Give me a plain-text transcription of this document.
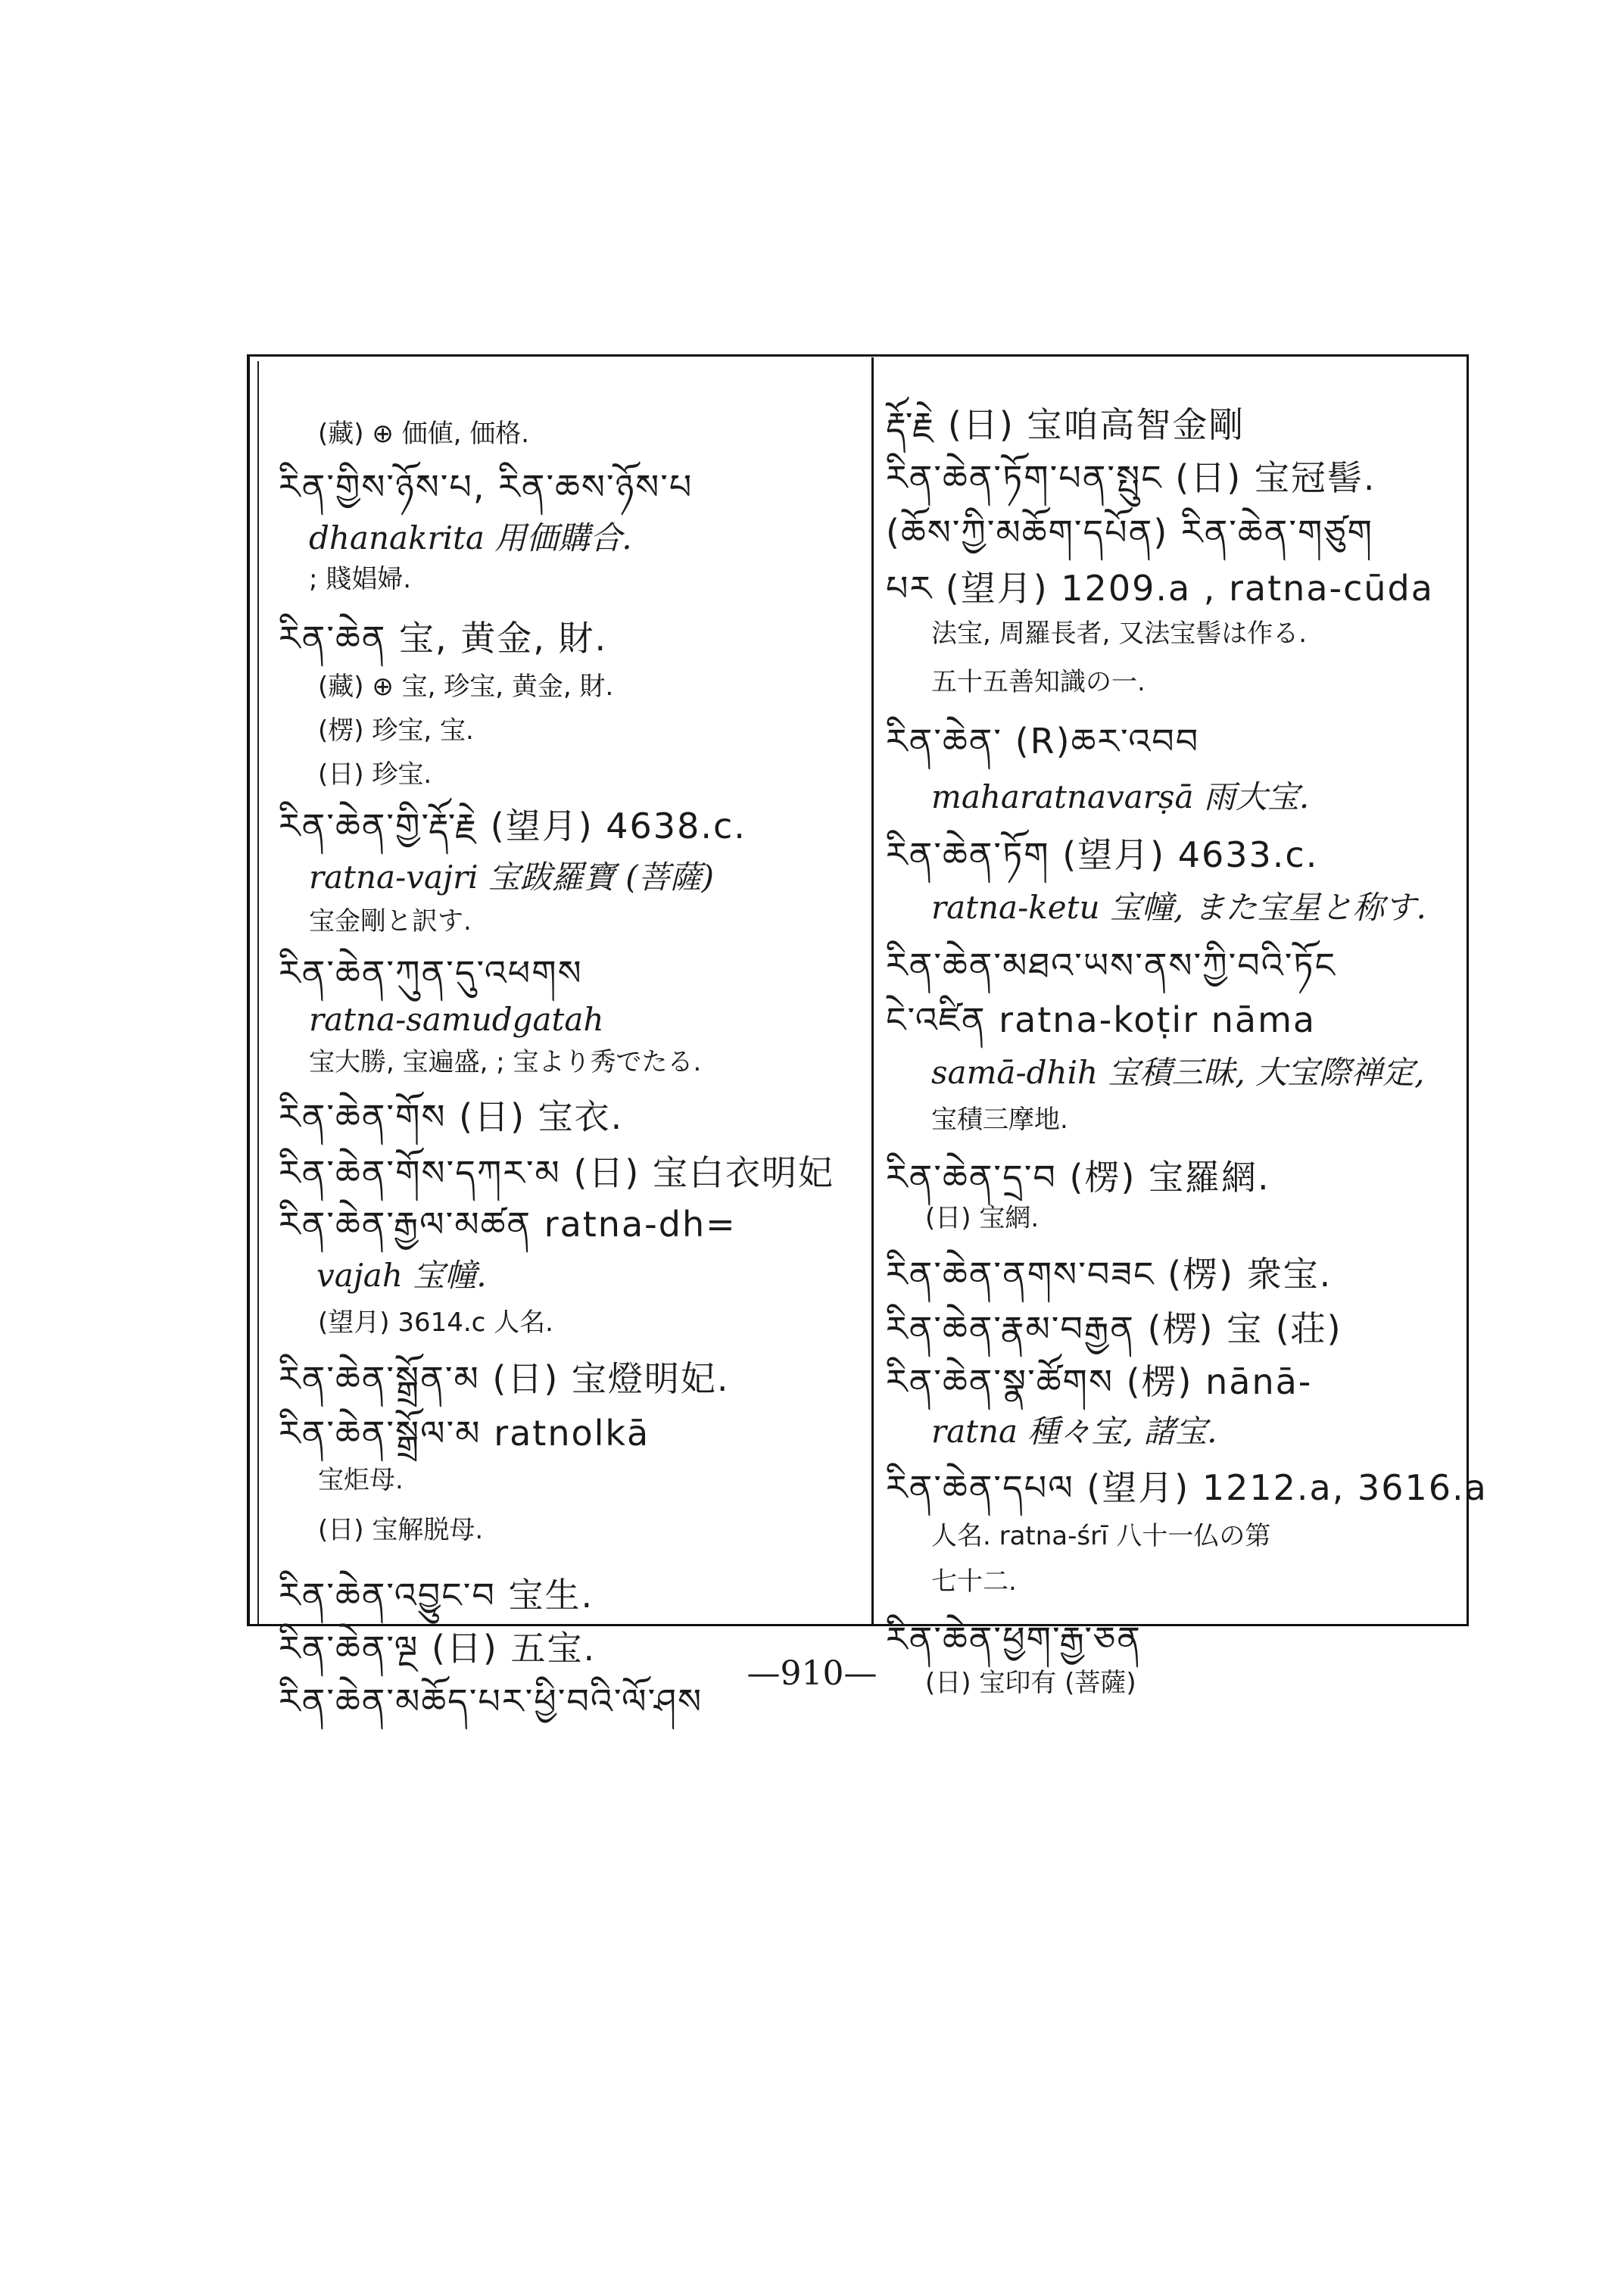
(藏) ⊕ 価値, 価格.
རིན་གྱིས་ཉོས་པ, རིན་ཆས་ཉོས་པ
dhanakrita 用価購合.
; 賤娼婦.
རིན་ཆེན 宝, 黄金, 財.
(藏) ⊕ 宝, 珍宝, 黄金, 財.
(楞) 珍宝, 宝.
(日) 珍宝.
རིན་ཆེན་གྱི་རྡོ་རྗེ (望月) 4638.c.
ratna-vajri 宝跋羅寶 (菩薩)
宝金剛と訳す.
རིན་ཆེན་ཀུན་དུ་འཕགས
ratna-samudgatah
宝大勝, 宝遍盛, ; 宝より秀でたる.
རིན་ཆེན་གོས (日) 宝衣.
རིན་ཆེན་གོས་དཀར་མ (日) 宝白衣明妃
རིན་ཆེན་རྒྱལ་མཚན ratna-dh=
vajah 宝幢.
(望月) 3614.c 人名.
རིན་ཆེན་སྒྲོན་མ (日) 宝燈明妃.
རིན་ཆེན་སྒྲོལ་མ ratnolkā
宝炬母.
(日) 宝解脱母.
རིན་ཆེན་འབྱུང་བ 宝生.
རིན་ཆེན་ལྔ (日) 五宝.
རིན་ཆེན་མཆོད་པར་ཕྱི་བའི་ལོ་ཤས
རྡོ་རྗེ (日) 宝咱高智金剛
རིན་ཆེན་ཏོག་པན་སྤུང (日) 宝冠髻.
(ཆོས་ཀྱི་མཆོག་དཔོན) རིན་ཆེན་གཙུག
པར (望月) 1209.a , ratna-cūda
法宝, 周羅長者, 又法宝髻は作る.
五十五善知識の一.
རིན་ཆེན་ (R)ཆར་འབབ
maharatnavarṣā 雨大宝.
རིན་ཆེན་ཏོག (望月) 4633.c.
ratna-ketu 宝幢, また宝星と称す.
རིན་ཆེན་མཐའ་ཡས་ནས་ཀྱི་བའི་ཏོང
ངེ་འཛིན ratna-koṭir nāma
samā-dhih 宝積三昧, 大宝際禅定,
宝積三摩地.
རིན་ཆེན་དྲ་བ (楞) 宝羅網.
(日) 宝網.
རིན་ཆེན་ནགས་བཟང (楞) 衆宝.
རིན་ཆེན་རྣམ་བརྒྱན (楞) 宝 (荘)
རིན་ཆེན་སྣ་ཚོགས (楞) nānā-
ratna 種々宝, 諸宝.
རིན་ཆེན་དཔལ (望月) 1212.a, 3616.a
人名. ratna-śrī 八十一仏の第
七十二.
རིན་ཆེན་ཕྱག་རྒྱ་ཅན
(日) 宝印有 (菩薩)
—910—
